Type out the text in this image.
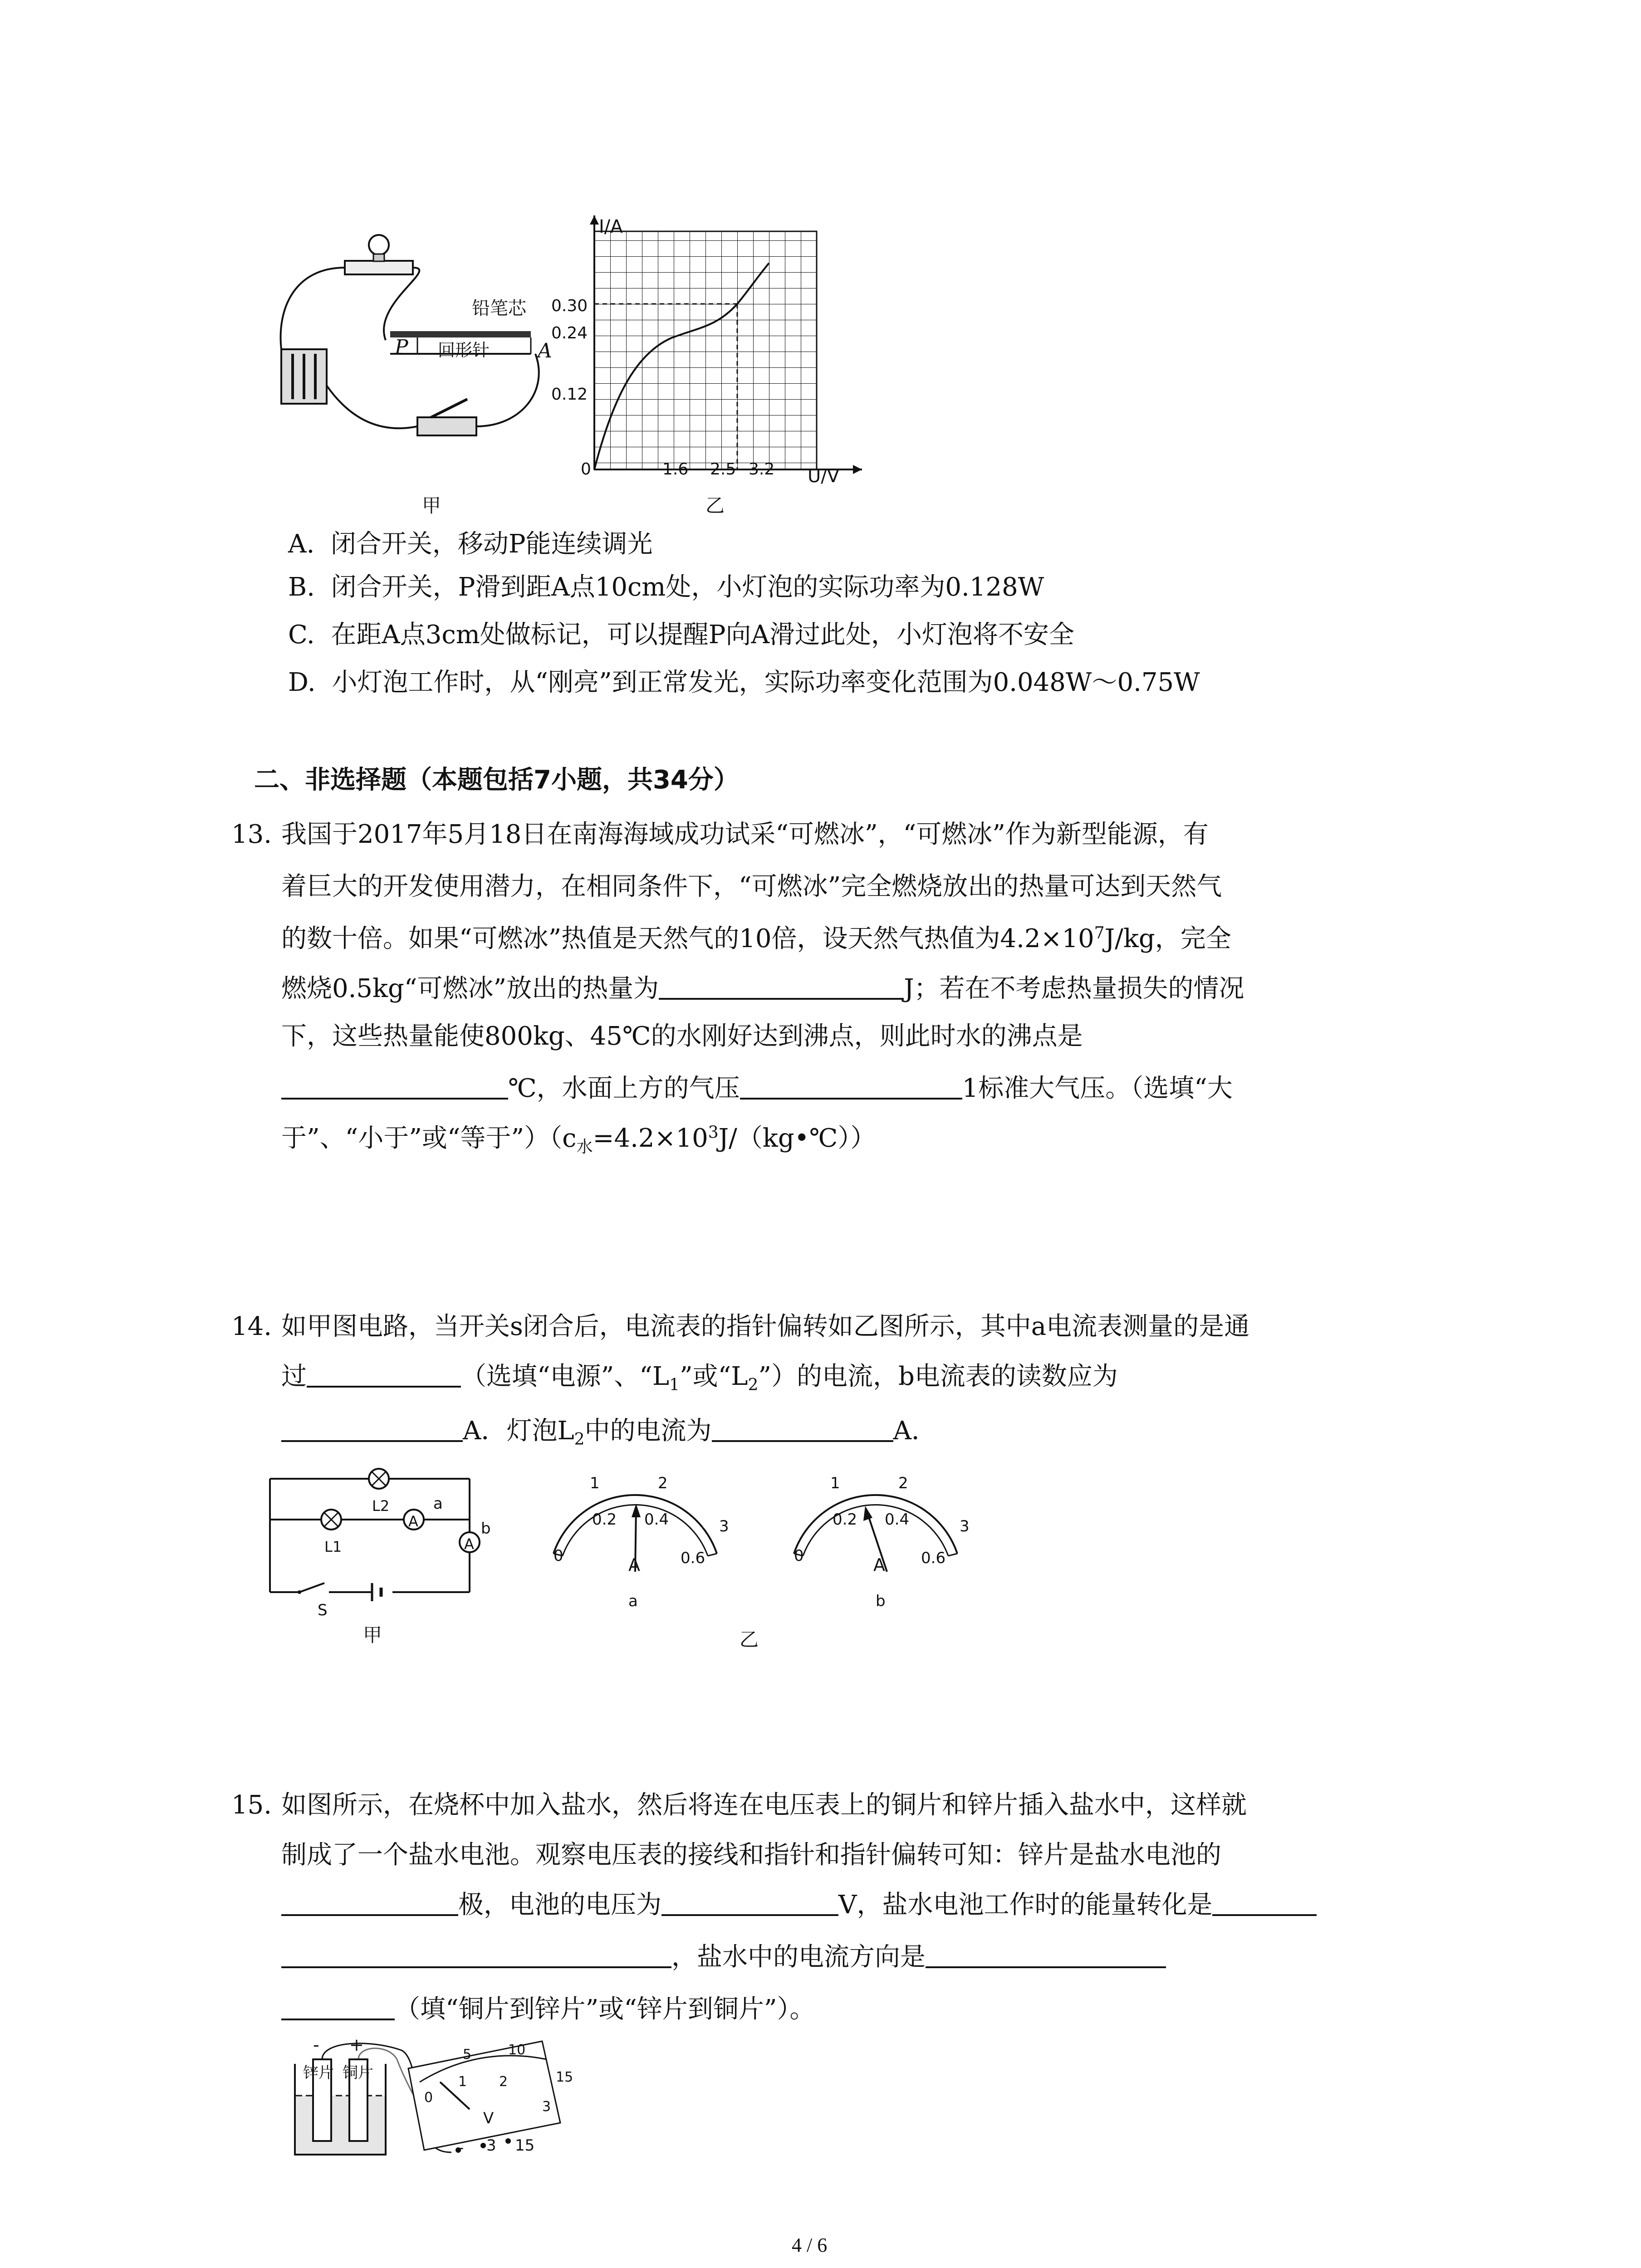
铅笔芯
回形针
P	A
甲
I/A
U/V
0.30
0.24
0.12
0	1.6 2.5 3.2
乙
A. 闭合开关，移动P能连续调光
B. 闭合开关，P滑到距A点10cm处，小灯泡的实际功率为0.128W
C. 在距A点3cm处做标记，可以提醒P向A滑过此处，小灯泡将不安全
D. 小灯泡工作时，从“刚亮”到正常发光，实际功率变化范围为0.048W～0.75W
二、非选择题（本题包括7小题，共34分）
13. 我国于2017年5月18日在南海海域成功试采“可燃冰”，“可燃冰”作为新型能源，有
着巨大的开发使用潜力，在相同条件下，“可燃冰”完全燃烧放出的热量可达到天然气
的数十倍。如果“可燃冰”热值是天然气的10倍，设天然气热值为$4.2\times 10^7J/kg$，完全
燃烧0.5kg“可燃冰”放出的热量为	J；若在不考虑热量损失的情况
下，这些热量能使800kg、45℃的水刚好达到沸点，则此时水的沸点是
℃，水面上方的气压	1标准大气压。（选填“大
于”、“小于”或“等于$”)(c_水=4.2\times 10^3J/(kg•℃))$
14. 如甲图电路，当开关s闭合后，电流表的指针偏转如乙图所示，其中a电流表测量的是通
过	（选填“电源”、“$L_1$”或“$L_2$”）的电流，b电流表的读数应为
A．灯泡$L_2$中的电流为	A．
A
A
L2
L1
a
b
S
甲
1	2
3
0
0.2 0.4
0.6
A
a
1	2
3
0
0.2 0.4
0.6
A
b
乙
15. 如图所示，在烧杯中加入盐水，然后将连在电压表上的铜片和锌片插入盐水中，这样就
制成了一个盐水电池。观察电压表的接线和指针和指针偏转可知：锌片是盐水电池的
极，电池的电压为	V，盐水电池工作时的能量转化是
，盐水中的电流方向是
（填“铜片到锌片”或“锌片到铜片”）。
锌片 铜片
- +	5	10
15
0
1 2
3
V
- 3 15
4 / 6
